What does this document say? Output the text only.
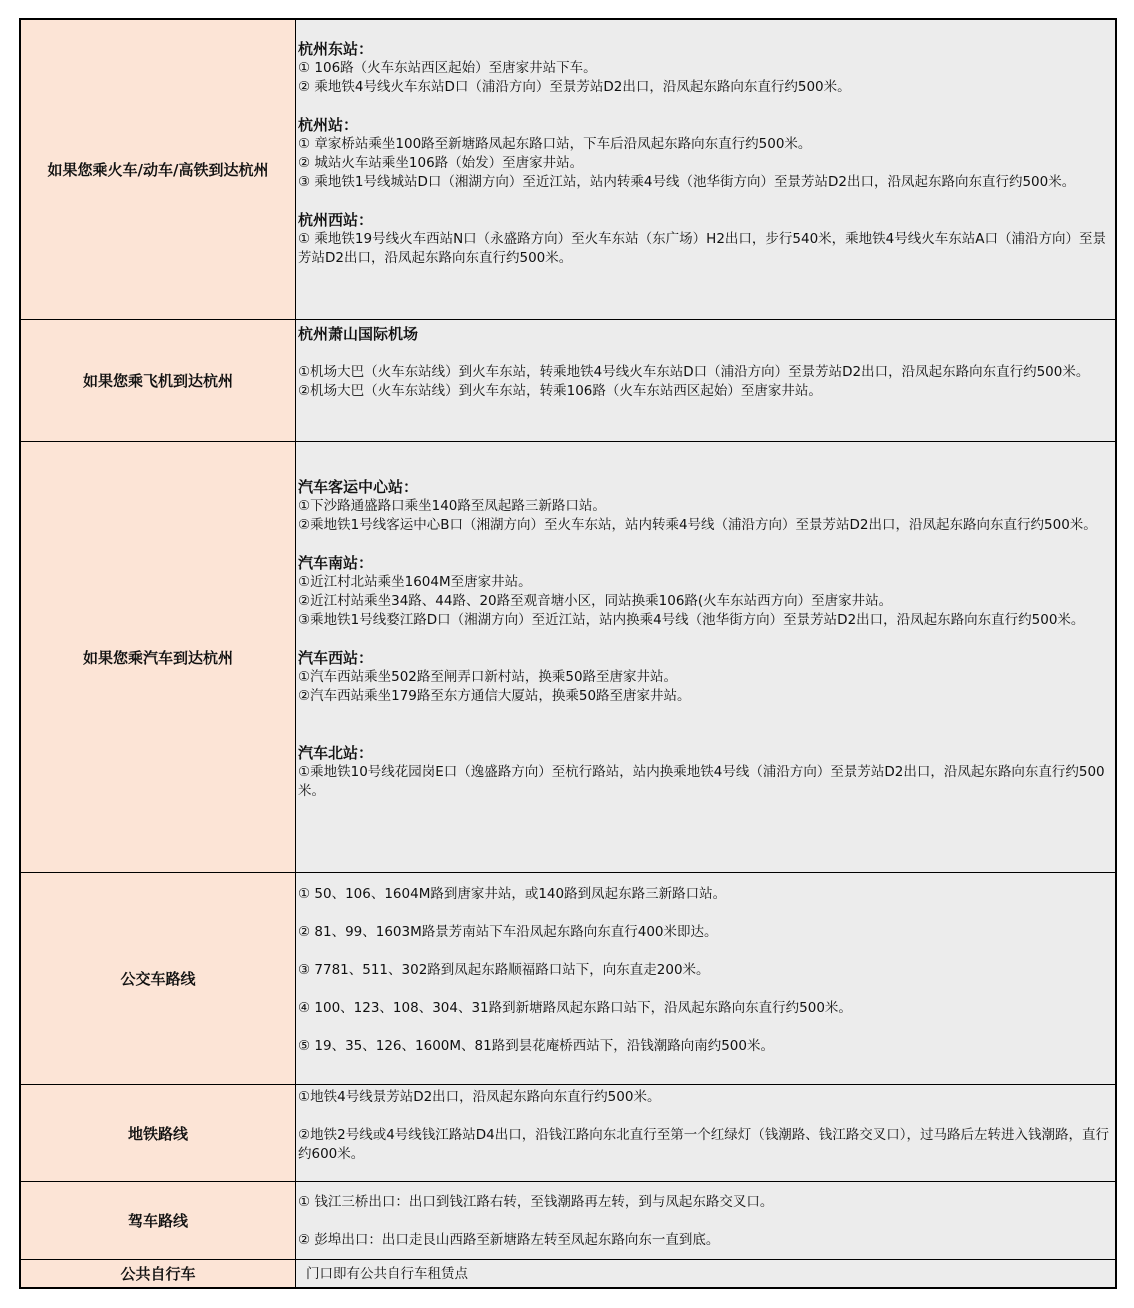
如果您乘火车/动车/高铁到达杭州

杭州东站：

① 106路（火车东站西区起始）至唐家井站下车。

② 乘地铁4号线火车东站D口（浦沿方向）至景芳站D2出口，沿凤起东路向东直行约500米。

杭州站：

① 章家桥站乘坐100路至新塘路凤起东路口站，下车后沿凤起东路向东直行约500米。

② 城站火车站乘坐106路（始发）至唐家井站。

③ 乘地铁1号线城站D口（湘湖方向）至近江站，站内转乘4号线（池华街方向）至景芳站D2出口，沿凤起东路向东直行约500米。

杭州西站：

① 乘地铁19号线火车西站N口（永盛路方向）至火车东站（东广场）H2出口，步行540米，乘地铁4号线火车东站A口（浦沿方向）至景芳站D2出口，沿凤起东路向东直行约500米。

如果您乘飞机到达杭州

杭州萧山国际机场

①机场大巴（火车东站线）到火车东站，转乘地铁4号线火车东站D口（浦沿方向）至景芳站D2出口，沿凤起东路向东直行约500米。

②机场大巴（火车东站线）到火车东站，转乘106路（火车东站西区起始）至唐家井站。

如果您乘汽车到达杭州

汽车客运中心站：

①下沙路通盛路口乘坐140路至凤起路三新路口站。

②乘地铁1号线客运中心B口（湘湖方向）至火车东站，站内转乘4号线（浦沿方向）至景芳站D2出口，沿凤起东路向东直行约500米。

汽车南站：

①近江村北站乘坐1604M至唐家井站。

②近江村站乘坐34路、44路、20路至观音塘小区，同站换乘106路(火车东站西方向）至唐家井站。

③乘地铁1号线婺江路D口（湘湖方向）至近江站，站内换乘4号线（池华街方向）至景芳站D2出口，沿凤起东路向东直行约500米。

汽车西站：

①汽车西站乘坐502路至闸弄口新村站，换乘50路至唐家井站。

②汽车西站乘坐179路至东方通信大厦站，换乘50路至唐家井站。

汽车北站：

①乘地铁10号线花园岗E口（逸盛路方向）至杭行路站，站内换乘地铁4号线（浦沿方向）至景芳站D2出口，沿凤起东路向东直行约500米。

公交车路线

① 50、106、1604M路到唐家井站，或140路到凤起东路三新路口站。

② 81、99、1603M路景芳南站下车沿凤起东路向东直行400米即达。

③ 7781、511、302路到凤起东路顺福路口站下，向东直走200米。

④ 100、123、108、304、31路到新塘路凤起东路口站下，沿凤起东路向东直行约500米。

⑤ 19、35、126、1600M、81路到昙花庵桥西站下，沿钱潮路向南约500米。

地铁路线

①地铁4号线景芳站D2出口，沿凤起东路向东直行约500米。

②地铁2号线或4号线钱江路站D4出口，沿钱江路向东北直行至第一个红绿灯（钱潮路、钱江路交叉口），过马路后左转进入钱潮路，直行约600米。

驾车路线

① 钱江三桥出口：出口到钱江路右转，至钱潮路再左转，到与凤起东路交叉口。

② 彭埠出口：出口走艮山西路至新塘路左转至凤起东路向东一直到底。

公共自行车	门口即有公共自行车租赁点
